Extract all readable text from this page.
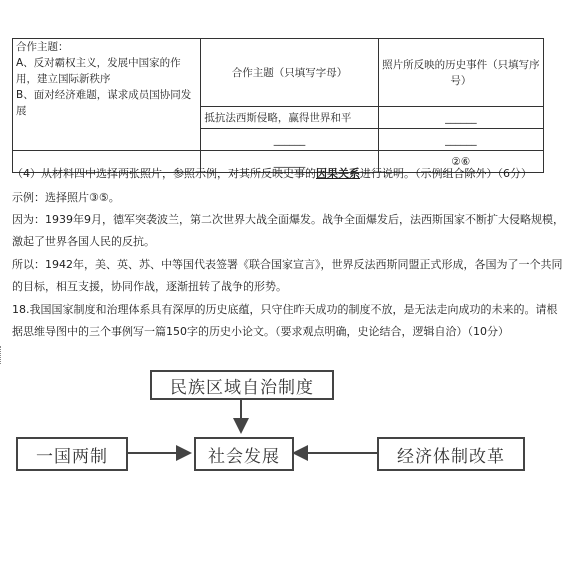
合作主题：
A、反对霸权主义，发展中国家的作用，建立国际新秩序
B、面对经济难题，谋求成员国协同发展	合作主题（只填写字母）	照片所反映的历史事件（只填写序号）
	抵抗法西斯侵略，赢得世界和平	______
	______	______
	______	②⑥
（4）从材料四中选择两张照片，参照示例，对其所反映史事的因果关系进行说明。（示例组合除外）（6分）
示例：选择照片③⑤。
因为：1939年9月，德军突袭波兰，第二次世界大战全面爆发。战争全面爆发后，法西斯国家不断扩大侵略规模，激起了世界各国人民的反抗。
所以：1942年，美、英、苏、中等国代表签署《联合国家宣言》，世界反法西斯同盟正式形成，各国为了一个共同的目标，相互支援，协同作战，逐渐扭转了战争的形势。
18.我国国家制度和治理体系具有深厚的历史底蕴，只守住昨天成功的制度不放，是无法走向成功的未来的。请根据思维导图中的三个事例写一篇150字的历史小论文。（要求观点明确，史论结合，逻辑自洽）（10分）
民族区域自治制度
一国两制	社会发展	经济体制改革
